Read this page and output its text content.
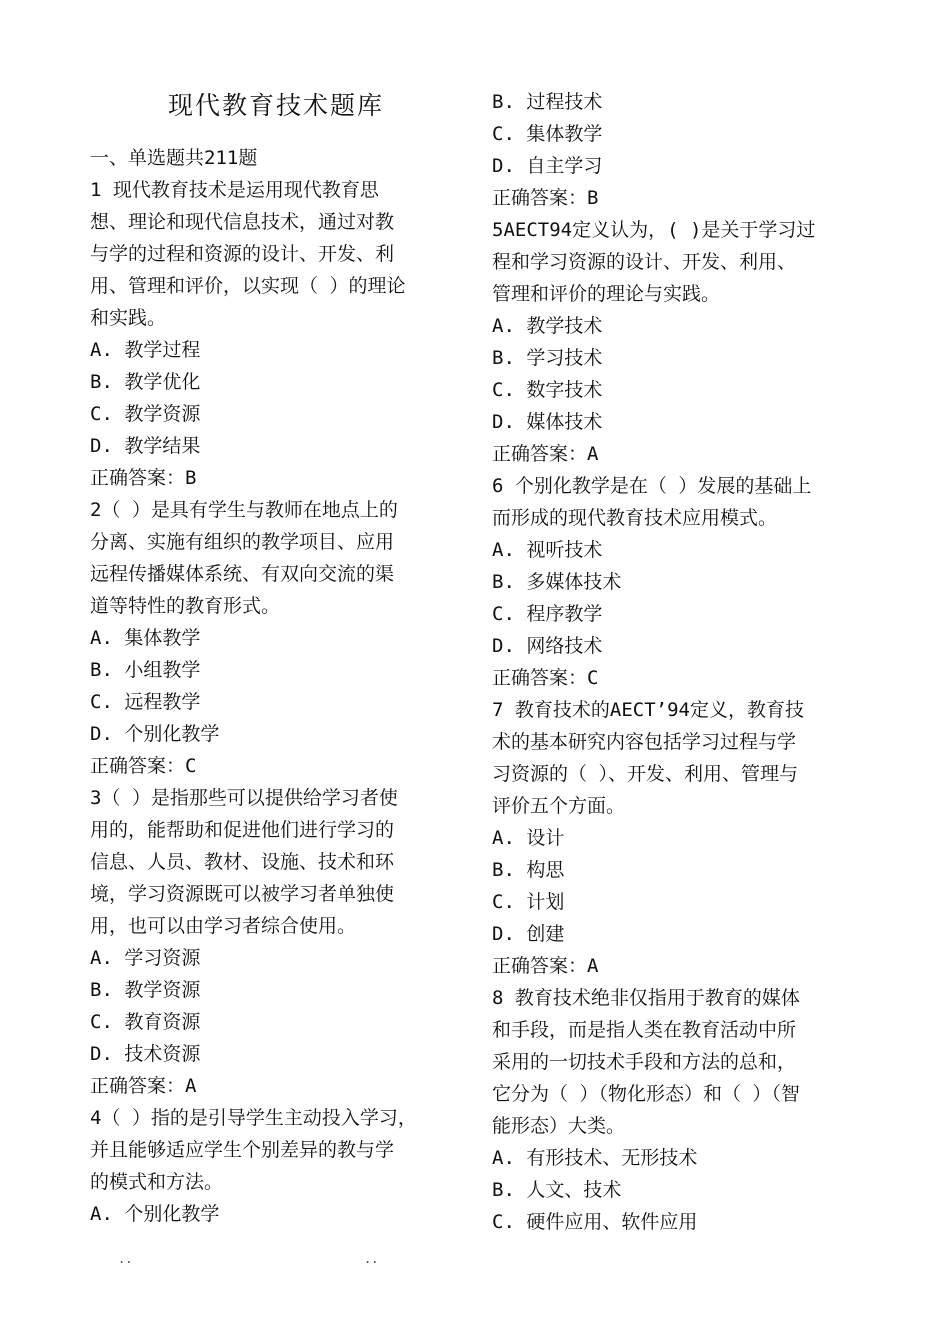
现代教育技术题库
一、单选题共211题
1 现代教育技术是运用现代教育思
想、理论和现代信息技术，通过对教
与学的过程和资源的设计、开发、利
用、管理和评价，以实现（ ）的理论
和实践。
A. 教学过程
B. 教学优化
C. 教学资源
D. 教学结果
正确答案：B
2（ ）是具有学生与教师在地点上的
分离、实施有组织的教学项目、应用
远程传播媒体系统、有双向交流的渠
道等特性的教育形式。
A. 集体教学
B. 小组教学
C. 远程教学
D. 个别化教学
正确答案：C
3（ ）是指那些可以提供给学习者使
用的，能帮助和促进他们进行学习的
信息、人员、教材、设施、技术和环
境，学习资源既可以被学习者单独使
用，也可以由学习者综合使用。
A. 学习资源
B. 教学资源
C. 教育资源
D. 技术资源
正确答案：A
4（ ）指的是引导学生主动投入学习，
并且能够适应学生个别差异的教与学
的模式和方法。
A. 个别化教学
B. 过程技术
C. 集体教学
D. 自主学习
正确答案：B
5AECT94定义认为，( )是关于学习过
程和学习资源的设计、开发、利用、
管理和评价的理论与实践。
A. 教学技术
B. 学习技术
C. 数字技术
D. 媒体技术
正确答案：A
6 个别化教学是在（ ）发展的基础上
而形成的现代教育技术应用模式。
A. 视听技术
B. 多媒体技术
C. 程序教学
D. 网络技术
正确答案：C
7 教育技术的AECT’94定义，教育技
术的基本研究内容包括学习过程与学
习资源的（ ）、开发、利用、管理与
评价五个方面。
A. 设计
B. 构思
C. 计划
D. 创建
正确答案：A
8 教育技术绝非仅指用于教育的媒体
和手段，而是指人类在教育活动中所
采用的一切技术手段和方法的总和，
它分为（ ）（物化形态）和（ ）（智
能形态）大类。
A. 有形技术、无形技术
B. 人文、技术
C. 硬件应用、软件应用
..	..
